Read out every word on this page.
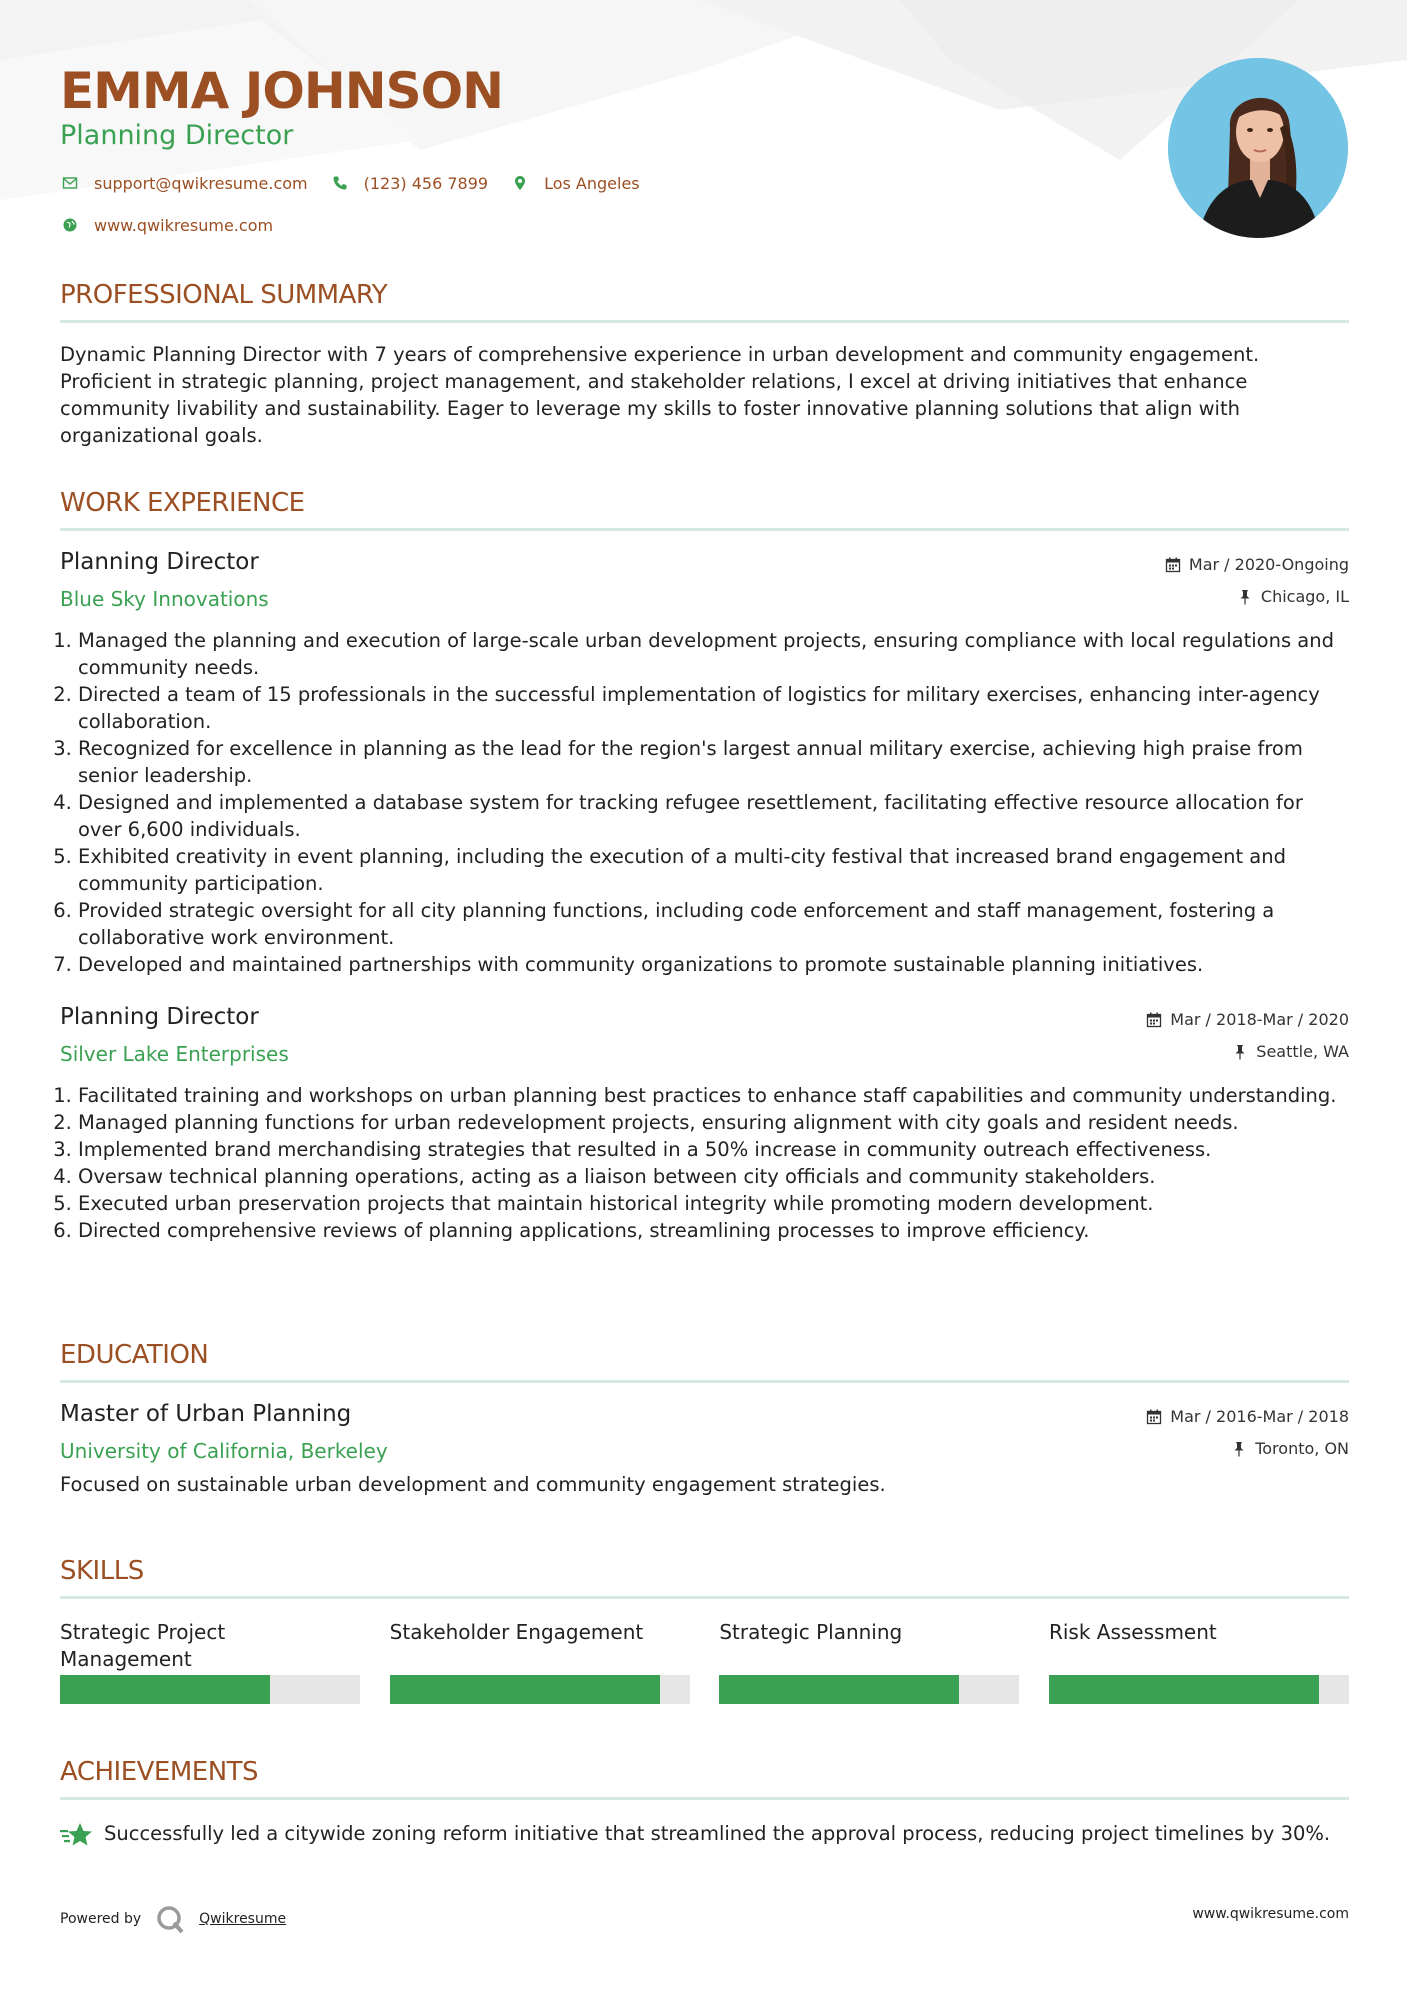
EMMA JOHNSON
Planning Director
support@qwikresume.com	(123) 456 7899	Los Angeles
www.qwikresume.com
PROFESSIONAL SUMMARY
Dynamic Planning Director with 7 years of comprehensive experience in urban development and community engagement. Proficient in strategic planning, project management, and stakeholder relations, I excel at driving initiatives that enhance community livability and sustainability. Eager to leverage my skills to foster innovative planning solutions that align with organizational goals.
WORK EXPERIENCE
Planning Director
Blue Sky Innovations
Mar / 2020-Ongoing
Chicago, IL
1. Managed the planning and execution of large-scale urban development projects, ensuring compliance with local regulations and community needs.
2. Directed a team of 15 professionals in the successful implementation of logistics for military exercises, enhancing inter-agency collaboration.
3. Recognized for excellence in planning as the lead for the region's largest annual military exercise, achieving high praise from senior leadership.
4. Designed and implemented a database system for tracking refugee resettlement, facilitating effective resource allocation for over 6,600 individuals.
5. Exhibited creativity in event planning, including the execution of a multi-city festival that increased brand engagement and community participation.
6. Provided strategic oversight for all city planning functions, including code enforcement and staff management, fostering a collaborative work environment.
7. Developed and maintained partnerships with community organizations to promote sustainable planning initiatives.
Planning Director
Silver Lake Enterprises
Mar / 2018-Mar / 2020
Seattle, WA
1. Facilitated training and workshops on urban planning best practices to enhance staff capabilities and community understanding.
2. Managed planning functions for urban redevelopment projects, ensuring alignment with city goals and resident needs.
3. Implemented brand merchandising strategies that resulted in a 50% increase in community outreach effectiveness.
4. Oversaw technical planning operations, acting as a liaison between city officials and community stakeholders.
5. Executed urban preservation projects that maintain historical integrity while promoting modern development.
6. Directed comprehensive reviews of planning applications, streamlining processes to improve efficiency.
EDUCATION
Master of Urban Planning
University of California, Berkeley
Mar / 2016-Mar / 2018
Toronto, ON
Focused on sustainable urban development and community engagement strategies.
SKILLS
Strategic Project Management
Stakeholder Engagement	Strategic Planning	Risk Assessment
ACHIEVEMENTS
Successfully led a citywide zoning reform initiative that streamlined the approval process, reducing project timelines by 30%.
Powered by	Qwikresume	www.qwikresume.com
